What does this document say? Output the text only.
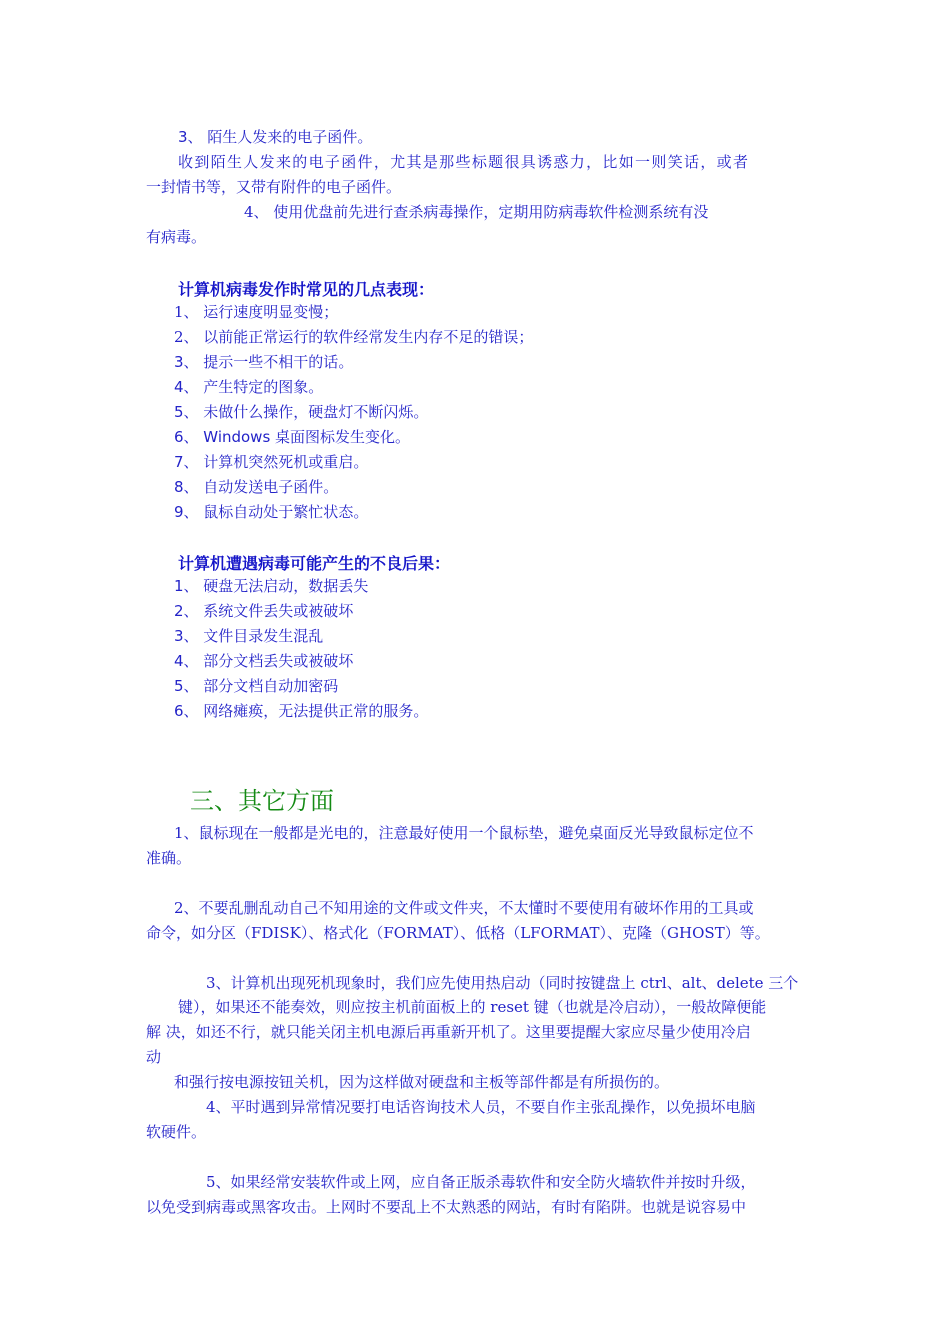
3、 陌生人发来的电子函件。
收到陌生人发来的电子函件，尤其是那些标题很具诱惑力，比如一则笑话，或者
一封情书等，又带有附件的电子函件。
4、 使用优盘前先进行查杀病毒操作，定期用防病毒软件检测系统有没
有病毒。
计算机病毒发作时常见的几点表现：
1、 运行速度明显变慢；
2、 以前能正常运行的软件经常发生内存不足的错误；
3、 提示一些不相干的话。
4、 产生特定的图象。
5、 未做什么操作，硬盘灯不断闪烁。
6、 Windows 桌面图标发生变化。
7、 计算机突然死机或重启。
8、 自动发送电子函件。
9、 鼠标自动处于繁忙状态。
计算机遭遇病毒可能产生的不良后果：
1、 硬盘无法启动，数据丢失
2、 系统文件丢失或被破坏
3、 文件目录发生混乱
4、 部分文档丢失或被破坏
5、 部分文档自动加密码
6、 网络瘫痪，无法提供正常的服务。
三、其它方面
1、鼠标现在一般都是光电的，注意最好使用一个鼠标垫，避免桌面反光导致鼠标定位不
准确。
2、不要乱删乱动自己不知用途的文件或文件夹，不太懂时不要使用有破坏作用的工具或
命令，如分区（FDISK）、格式化（FORMAT）、低格（LFORMAT）、克隆（GHOST）等。
3、计算机出现死机现象时，我们应先使用热启动（同时按键盘上 ctrl、alt、delete 三个
键），如果还不能奏效，则应按主机前面板上的 reset 键（也就是冷启动），一般故障便能
解 决，如还不行，就只能关闭主机电源后再重新开机了。这里要提醒大家应尽量少使用冷启
动
和强行按电源按钮关机，因为这样做对硬盘和主板等部件都是有所损伤的。
4、平时遇到异常情况要打电话咨询技术人员，不要自作主张乱操作，以免损坏电脑
软硬件。
5、如果经常安装软件或上网，应自备正版杀毒软件和安全防火墙软件并按时升级，
以免受到病毒或黑客攻击。上网时不要乱上不太熟悉的网站，有时有陷阱。也就是说容易中
